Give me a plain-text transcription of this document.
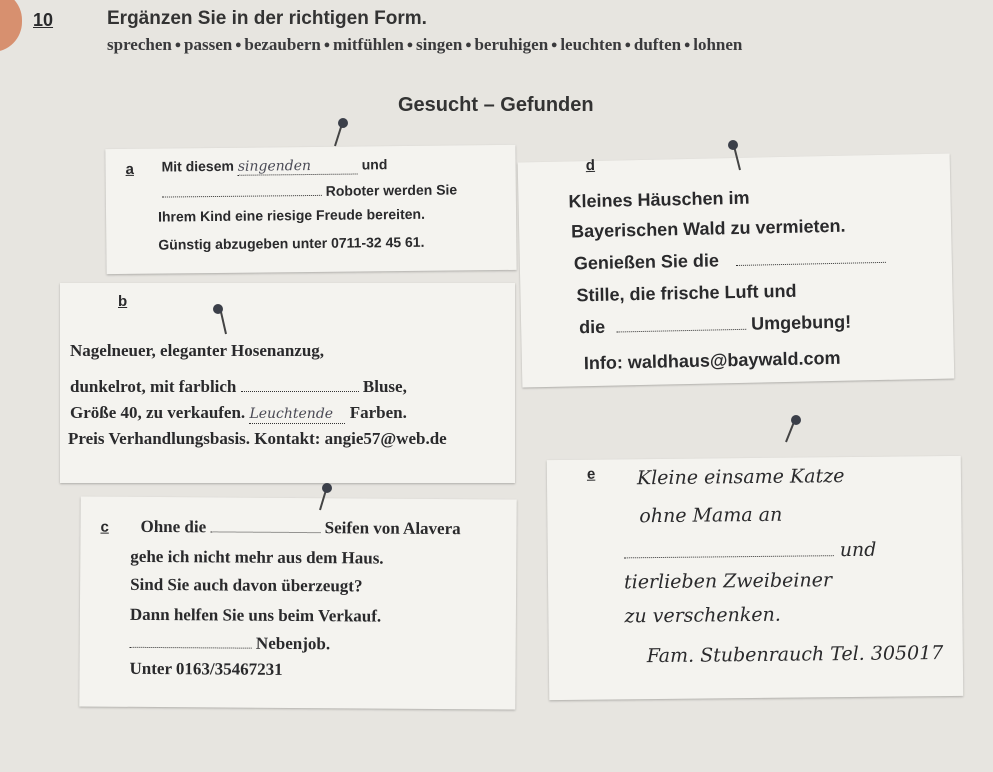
10	Ergänzen Sie in der richtigen Form.
sprechen ● passen ● bezaubern ● mitfühlen ● singen ● beruhigen ● leuchten ● duften ● lohnen
Gesucht – Gefunden
a Mit diesem singenden	und
Roboter werden Sie
Ihrem Kind eine riesige Freude bereiten.
Günstig abzugeben unter 0711-32 45 61.
b
Nagelneuer, eleganter Hosenanzug,
dunkelrot, mit farblich	Bluse,
Größe 40, zu verkaufen. Leuchtende Farben.
Preis Verhandlungsbasis. Kontakt: angie57@web.de
c Ohne die	Seifen von Alavera
gehe ich nicht mehr aus dem Haus.
Sind Sie auch davon überzeugt?
Dann helfen Sie uns beim Verkauf.
Nebenjob.
Unter 0163/35467231
d
Kleines Häuschen im
Bayerischen Wald zu vermieten.
Genießen Sie die
Stille, die frische Luft und
die	Umgebung!
Info: waldhaus@baywald.com
e Kleine einsame Katze
ohne Mama an
und
tierlieben Zweibeiner
zu verschenken.
Fam. Stubenrauch Tel. 305017
